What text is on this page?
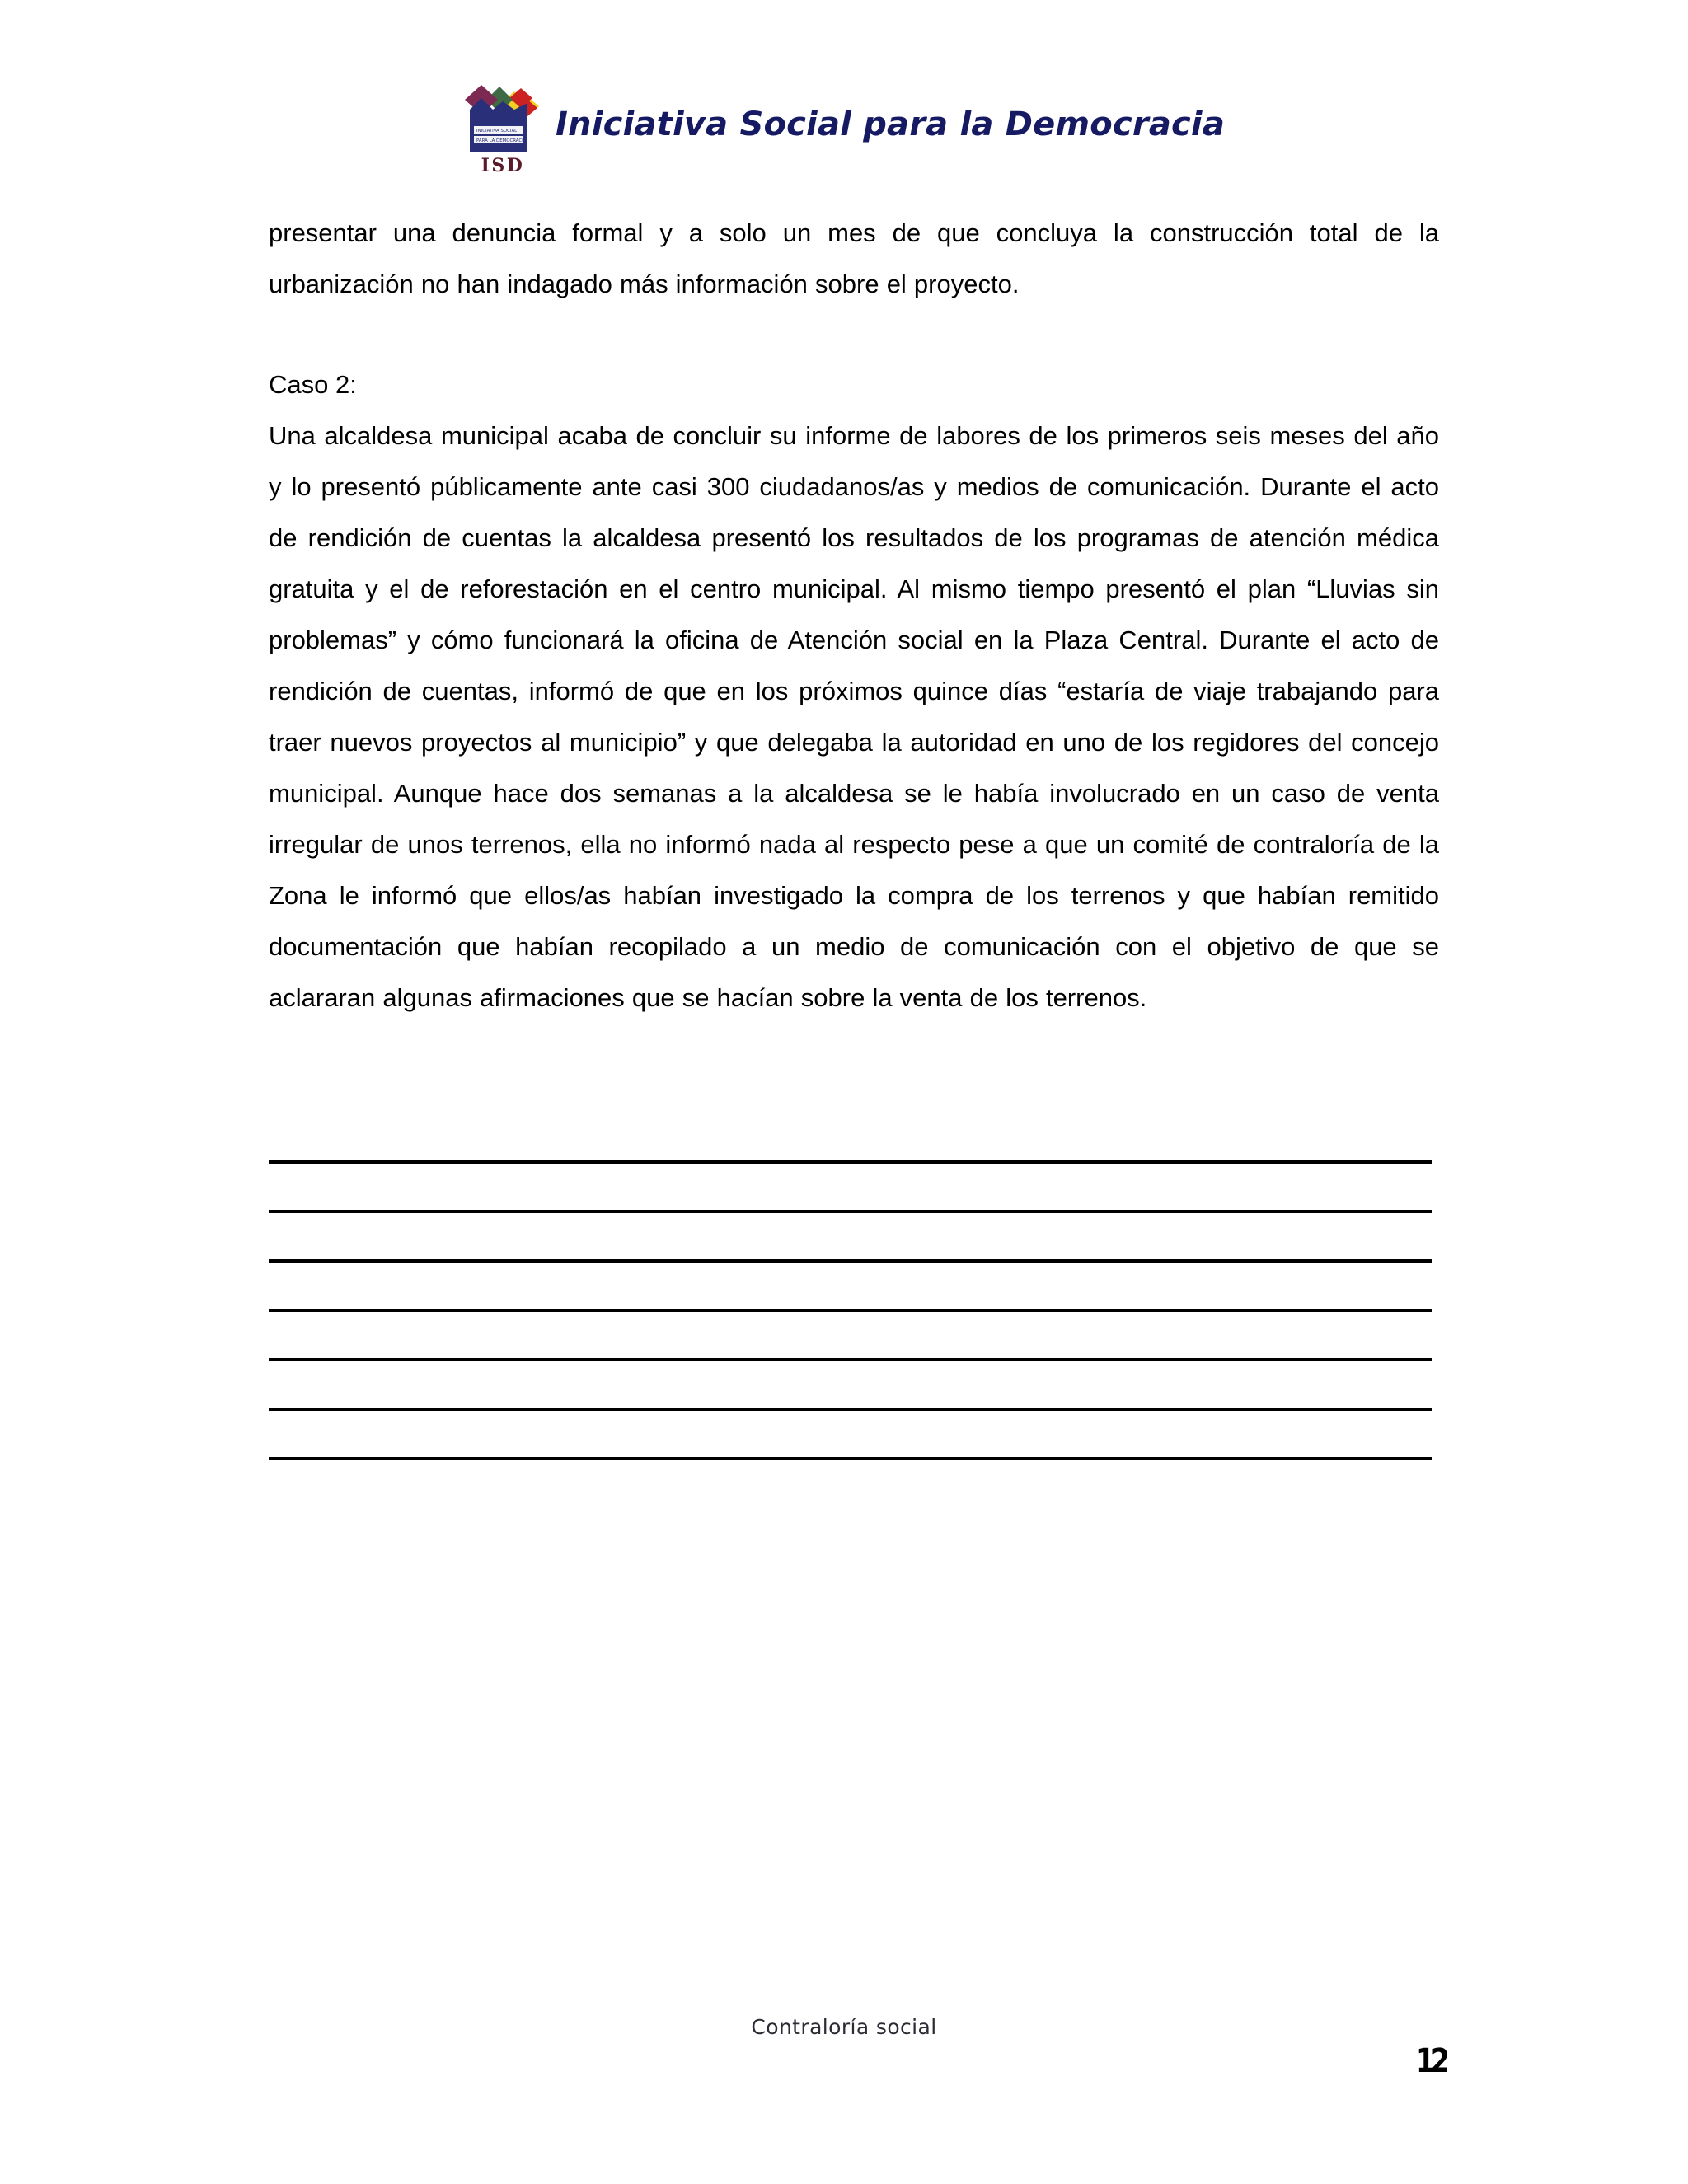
INICIATIVA SOCIAL
PARA LA DEMOCRACIA
ISD
Iniciativa Social para la Democracia

presentar una denuncia formal y a solo un mes de que concluya la construcción total de la urbanización no han indagado más información sobre el proyecto.

Caso 2:

Una alcaldesa municipal acaba de concluir su informe de labores de los primeros seis meses del año y lo presentó públicamente ante casi 300 ciudadanos/as y medios de comunicación. Durante el acto de rendición de cuentas la alcaldesa presentó los resultados de los programas de atención médica gratuita y el de reforestación en el centro municipal. Al mismo tiempo presentó el plan “Lluvias sin problemas” y cómo funcionará la oficina de Atención social en la Plaza Central. Durante el acto de rendición de cuentas, informó de que en los próximos quince días “estaría de viaje trabajando para traer nuevos proyectos al municipio” y que delegaba la autoridad en uno de los regidores del concejo municipal. Aunque hace dos semanas a la alcaldesa se le había involucrado en un caso de venta irregular de unos terrenos, ella no informó nada al respecto pese a que un comité de contraloría de la Zona le informó que ellos/as habían investigado la compra de los terrenos y que habían remitido documentación que habían recopilado a un medio de comunicación con el objetivo de que se aclararan algunas afirmaciones que se hacían sobre la venta de los terrenos.

Contraloría social
12
